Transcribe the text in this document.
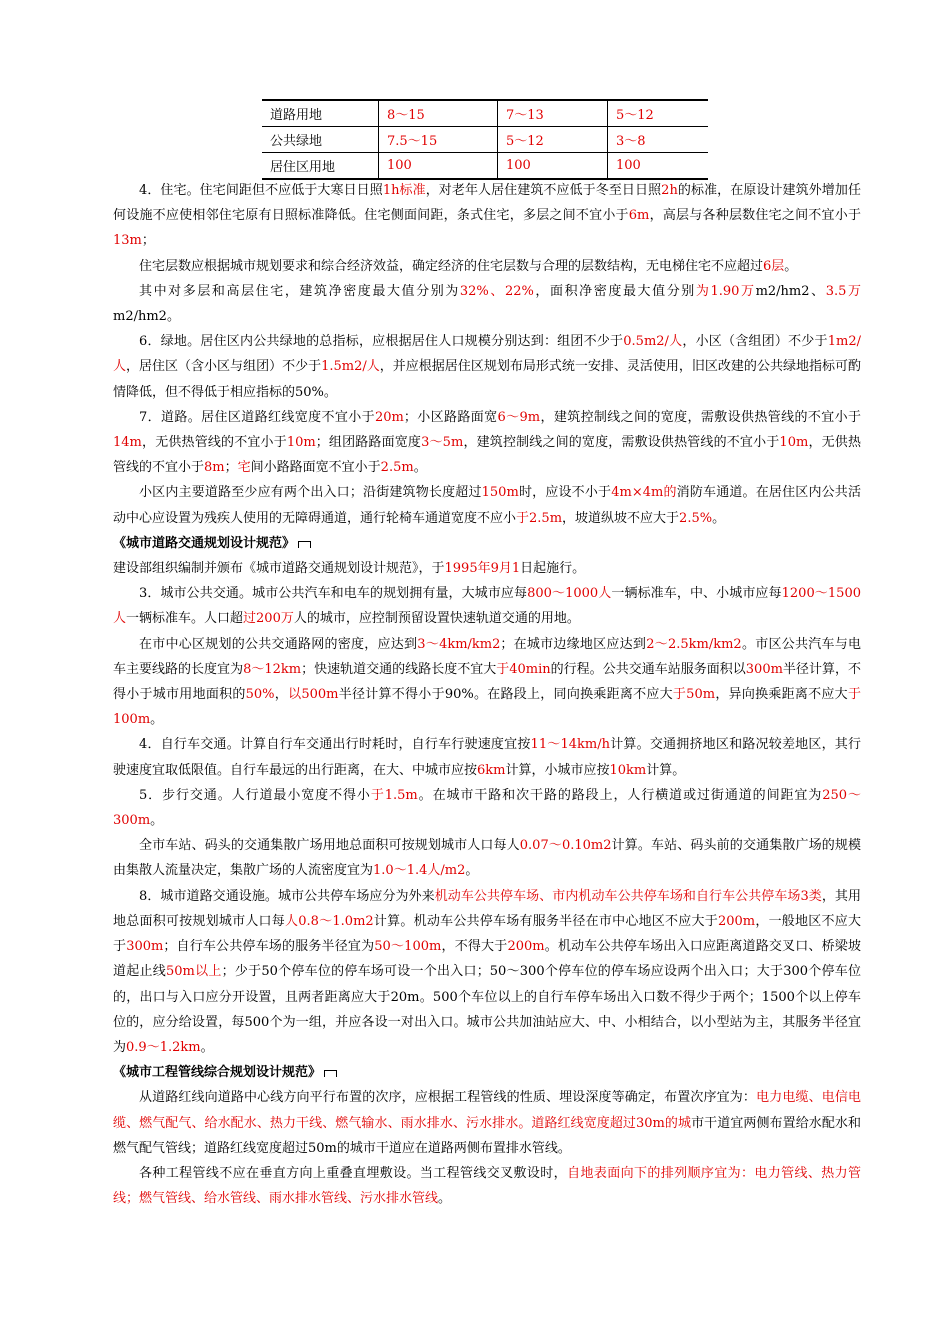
道路用地	8～15	7～13	5～12
公共绿地	7.5～15	5～12	3～8
居住区用地	100	100	100

4．住宅。住宅间距但不应低于大寒日日照1h标准，对老年人居住建筑不应低于冬至日日照2h的标准，在原设计建筑外增加任何设施不应使相邻住宅原有日照标准降低。住宅侧面间距，条式住宅，多层之间不宜小于6m，高层与各种层数住宅之间不宜小于13m；

住宅层数应根据城市规划要求和综合经济效益，确定经济的住宅层数与合理的层数结构，无电梯住宅不应超过6层。

其中对多层和高层住宅，建筑净密度最大值分别为32%、22%，面积净密度最大值分别为1.90万m2/hm2、3.5万m2/hm2。

6．绿地。居住区内公共绿地的总指标，应根据居住人口规模分别达到：组团不少于0.5m2/人，小区（含组团）不少于1m2/人，居住区（含小区与组团）不少于1.5m2/人，并应根据居住区规划布局形式统一安排、灵活使用，旧区改建的公共绿地指标可酌情降低，但不得低于相应指标的50%。

7．道路。居住区道路红线宽度不宜小于20m；小区路路面宽6～9m，建筑控制线之间的宽度，需敷设供热管线的不宜小于14m，无供热管线的不宜小于10m；组团路路面宽度3～5m，建筑控制线之间的宽度，需敷设供热管线的不宜小于10m，无供热管线的不宜小于8m；宅间小路路面宽不宜小于2.5m。

小区内主要道路至少应有两个出入口；沿街建筑物长度超过150m时，应设不小于4m×4m的消防车通道。在居住区内公共活动中心应设置为残疾人使用的无障碍通道，通行轮椅车通道宽度不应小于2.5m，坡道纵坡不应大于2.5%。

《城市道路交通规划设计规范》

建设部组织编制并颁布《城市道路交通规划设计规范》，于1995年9月1日起施行。

3．城市公共交通。城市公共汽车和电车的规划拥有量，大城市应每800～1000人一辆标准车，中、小城市应每1200～1500人一辆标准车。人口超过200万人的城市，应控制预留设置快速轨道交通的用地。

在市中心区规划的公共交通路网的密度，应达到3～4km/km2；在城市边缘地区应达到2～2.5km/km2。市区公共汽车与电车主要线路的长度宜为8～12km；快速轨道交通的线路长度不宜大于40min的行程。公共交通车站服务面积以300m半径计算，不得小于城市用地面积的50%，以500m半径计算不得小于90%。在路段上，同向换乘距离不应大于50m，异向换乘距离不应大于100m。

4．自行车交通。计算自行车交通出行时耗时，自行车行驶速度宜按11～14km/h计算。交通拥挤地区和路况较差地区，其行驶速度宜取低限值。自行车最远的出行距离，在大、中城市应按6km计算，小城市应按10km计算。

5．步行交通。人行道最小宽度不得小于1.5m。在城市干路和次干路的路段上，人行横道或过街通道的间距宜为250～300m。

全市车站、码头的交通集散广场用地总面积可按规划城市人口每人0.07～0.10m2计算。车站、码头前的交通集散广场的规模由集散人流量决定，集散广场的人流密度宜为1.0～1.4人/m2。

8．城市道路交通设施。城市公共停车场应分为外来机动车公共停车场、市内机动车公共停车场和自行车公共停车场3类，其用地总面积可按规划城市人口每人0.8～1.0m2计算。机动车公共停车场有服务半径在市中心地区不应大于200m，一般地区不应大于300m；自行车公共停车场的服务半径宜为50～100m，不得大于200m。机动车公共停车场出入口应距离道路交叉口、桥梁坡道起止线50m以上；少于50个停车位的停车场可设一个出入口；50～300个停车位的停车场应设两个出入口；大于300个停车位的，出口与入口应分开设置，且两者距离应大于20m。500个车位以上的自行车停车场出入口数不得少于两个；1500个以上停车位的，应分给设置，每500个为一组，并应各设一对出入口。城市公共加油站应大、中、小相结合，以小型站为主，其服务半径宜为0.9～1.2km。

《城市工程管线综合规划设计规范》

从道路红线向道路中心线方向平行布置的次序，应根据工程管线的性质、埋设深度等确定，布置次序宜为：电力电缆、电信电缆、燃气配气、给水配水、热力干线、燃气输水、雨水排水、污水排水。道路红线宽度超过30m的城市干道宜两侧布置给水配水和燃气配气管线；道路红线宽度超过50m的城市干道应在道路两侧布置排水管线。

各种工程管线不应在垂直方向上重叠直埋敷设。当工程管线交叉敷设时，自地表面向下的排列顺序宜为：电力管线、热力管线；燃气管线、给水管线、雨水排水管线、污水排水管线。
